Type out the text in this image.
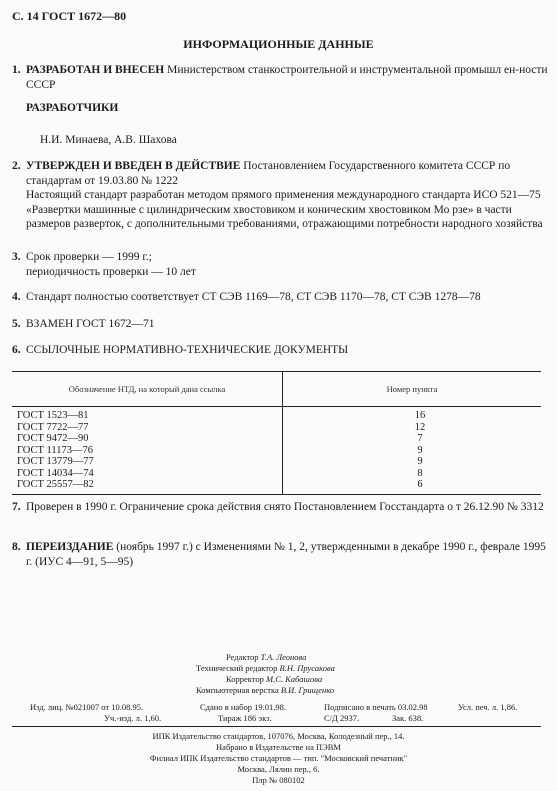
С. 14 ГОСТ 1672—80
ИНФОРМАЦИОННЫЕ ДАННЫЕ
1. РАЗРАБОТАН И ВНЕСЕН Министерством станкостроительной и инструментальной промышл ен-ности СССР
РАЗРАБОТЧИКИ
Н.И. Минаева, А.В. Шахова
2. УТВЕРЖДЕН И ВВЕДЕН В ДЕЙСТВИЕ Постановлением Государственного комитета СССР по стандартам от 19.03.80 № 1222
Настоящий стандарт разработан методом прямого применения международного стандарта ИСО 521—75 «Развертки машинные с цилиндрическим хвостовиком и коническим хвостовиком Мо рзе» в части размеров разверток, с дополнительными требованиями, отражающими потребности народного хозяйства
3. Срок проверки — 1999 г.;
периодичность проверки — 10 лет
4. Стандарт полностью соответствует СТ СЭВ 1169—78, СТ СЭВ 1170—78, СТ СЭВ 1278—78
5. ВЗАМЕН ГОСТ 1672—71
6. ССЫЛОЧНЫЕ НОРМАТИВНО-ТЕХНИЧЕСКИЕ ДОКУМЕНТЫ
Обозначение НТД, на который дана ссылка	Номер пункта
ГОСТ 1523—81	16
ГОСТ 7722—77	12
ГОСТ 9472—90	7
ГОСТ 11173—76	9
ГОСТ 13779—77	9
ГОСТ 14034—74	8
ГОСТ 25557—82	6
7. Проверен в 1990 г. Ограничение срока действия снято Постановлением Госстандарта о т 26.12.90 № 3312
8. ПЕРЕИЗДАНИЕ (ноябрь 1997 г.) с Изменениями № 1, 2, утвержденными в декабре 1990 г., феврале 1995 г. (ИУС 4—91, 5—95)
Редактор Т.А. Леонова
Технический редактор В.Н. Прусакова
Корректор М.С. Кабашова
Компьютерная верстка В.И. Грищенко
Изд. лиц. №021007 от 10.08.95.	Сдано в набор 19.01.98.	Подписано в печать 03.02.98	Усл. печ. л. 1,86.
Уч.-изд. л. 1,60.	Тираж 186 экз.	С/Д 2937.	Зак. 638.
ИПК Издательство стандартов, 107076, Москва, Колодезный пер., 14.
Набрано в Издательстве на ПЭВМ
Филиал ИПК Издательство стандартов — тип. "Московский печатник"
Москва, Лялин пер., 6.
Плр № 080102
